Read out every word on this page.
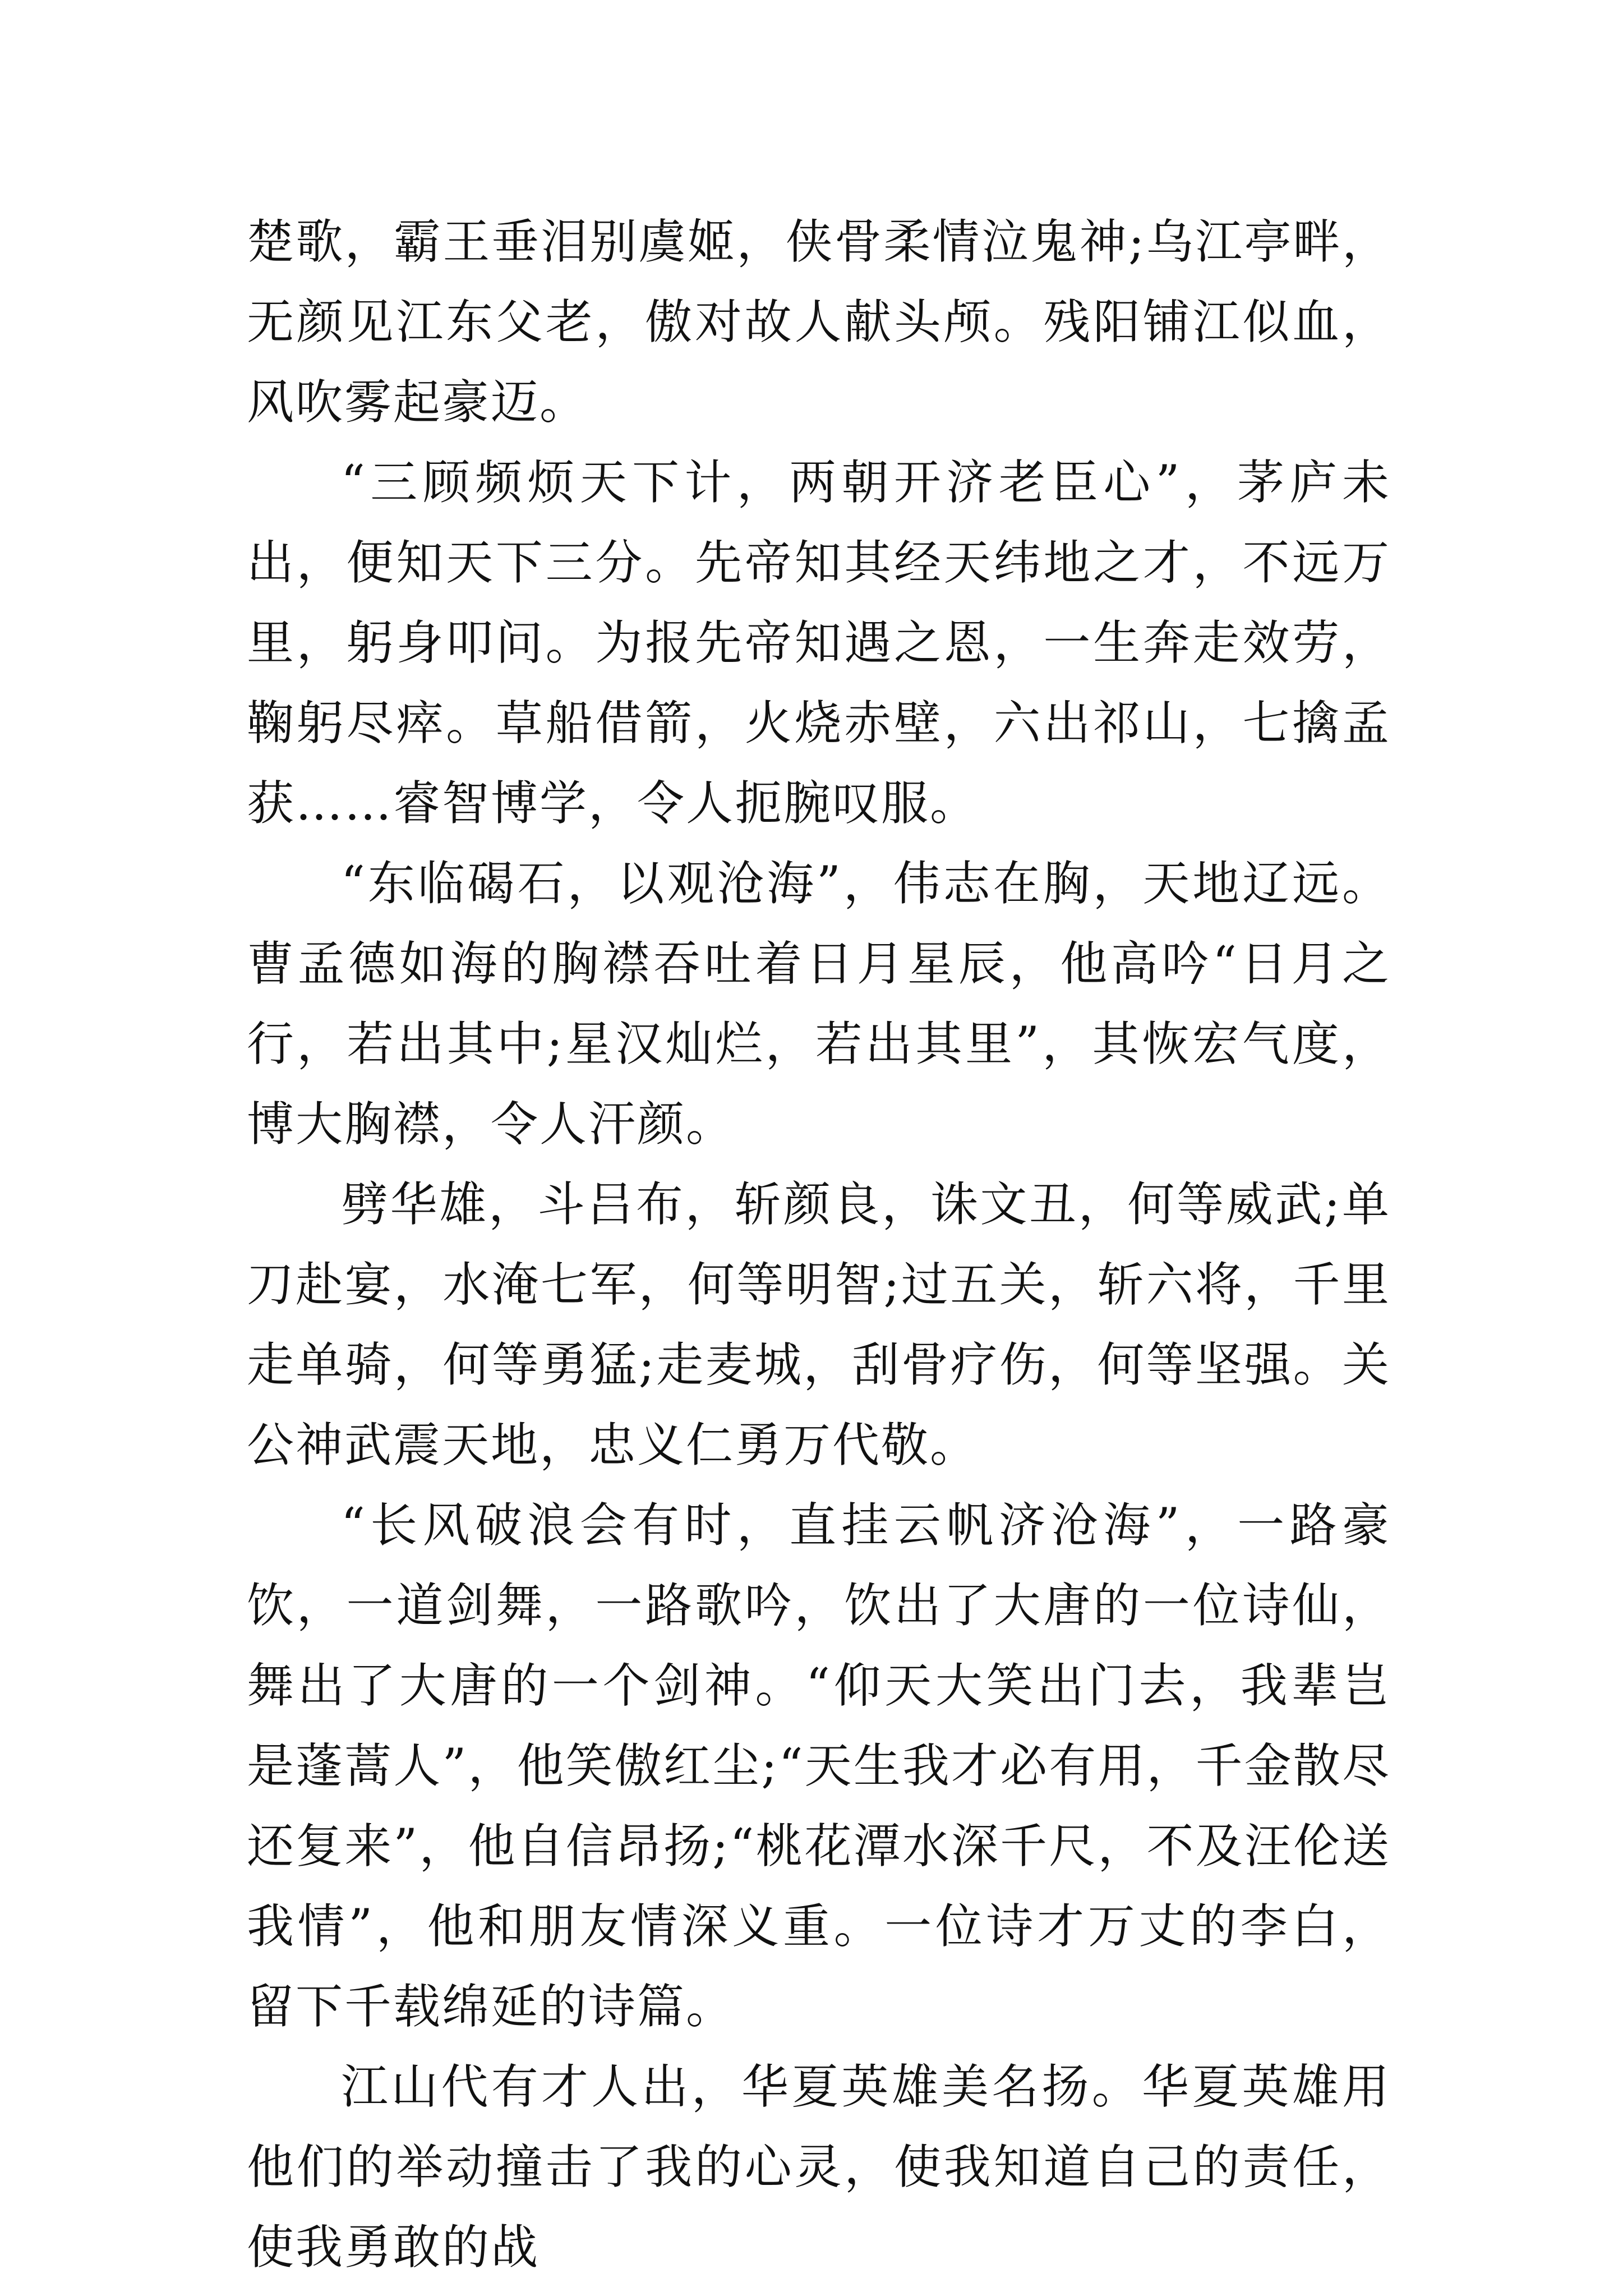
楚歌，霸王垂泪别虞姬，侠骨柔情泣鬼神;乌江亭畔，无颜见江东父老，傲对故人献头颅。残阳铺江似血，风吹雾起豪迈。

“三顾频烦天下计，两朝开济老臣心”，茅庐未出，便知天下三分。先帝知其经天纬地之才，不远万里，躬身叩问。为报先帝知遇之恩，一生奔走效劳，鞠躬尽瘁。草船借箭，火烧赤壁，六出祁山，七擒孟获……睿智博学，令人扼腕叹服。

“东临碣石，以观沧海”，伟志在胸，天地辽远。曹孟德如海的胸襟吞吐着日月星辰，他高吟“日月之行，若出其中;星汉灿烂，若出其里”，其恢宏气度，博大胸襟，令人汗颜。

劈华雄，斗吕布，斩颜良，诛文丑，何等威武;单刀赴宴，水淹七军，何等明智;过五关，斩六将，千里走单骑，何等勇猛;走麦城，刮骨疗伤，何等坚强。关公神武震天地，忠义仁勇万代敬。

“长风破浪会有时，直挂云帆济沧海”，一路豪饮，一道剑舞，一路歌吟，饮出了大唐的一位诗仙，舞出了大唐的一个剑神。“仰天大笑出门去，我辈岂是蓬蒿人”，他笑傲红尘;“天生我才必有用，千金散尽还复来”，他自信昂扬;“桃花潭水深千尺，不及汪伦送我情”，他和朋友情深义重。一位诗才万丈的李白，留下千载绵延的诗篇。

江山代有才人出，华夏英雄美名扬。华夏英雄用他们的举动撞击了我的心灵，使我知道自己的责任，使我勇敢的战
